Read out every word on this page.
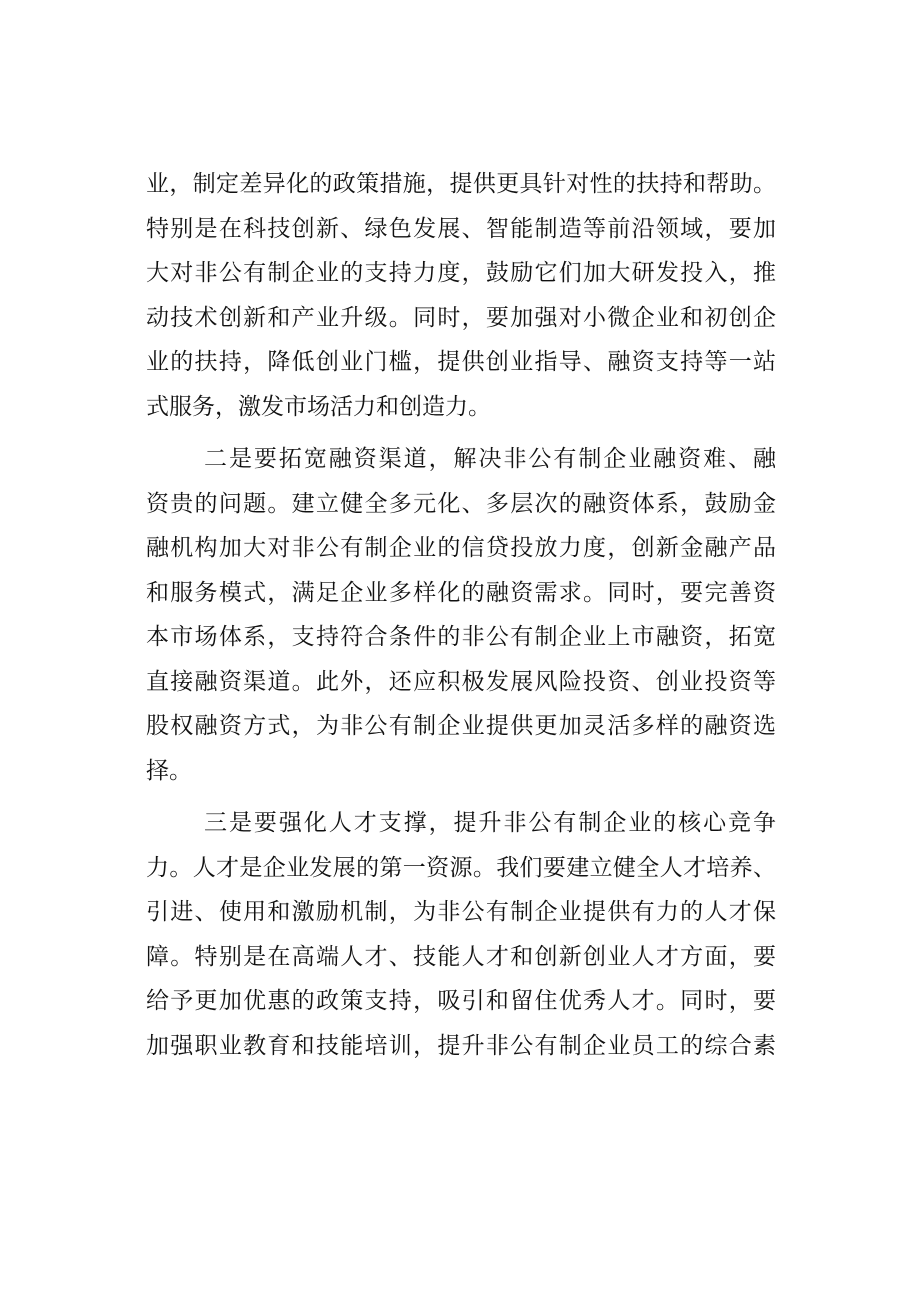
业，制定差异化的政策措施，提供更具针对性的扶持和帮助。
特别是在科技创新、绿色发展、智能制造等前沿领域，要加
大对非公有制企业的支持力度，鼓励它们加大研发投入，推
动技术创新和产业升级。同时，要加强对小微企业和初创企
业的扶持，降低创业门槛，提供创业指导、融资支持等一站
式服务，激发市场活力和创造力。
二是要拓宽融资渠道，解决非公有制企业融资难、融
资贵的问题。建立健全多元化、多层次的融资体系，鼓励金
融机构加大对非公有制企业的信贷投放力度，创新金融产品
和服务模式，满足企业多样化的融资需求。同时，要完善资
本市场体系，支持符合条件的非公有制企业上市融资，拓宽
直接融资渠道。此外，还应积极发展风险投资、创业投资等
股权融资方式，为非公有制企业提供更加灵活多样的融资选
择。
三是要强化人才支撑，提升非公有制企业的核心竞争
力。人才是企业发展的第一资源。我们要建立健全人才培养、
引进、使用和激励机制，为非公有制企业提供有力的人才保
障。特别是在高端人才、技能人才和创新创业人才方面，要
给予更加优惠的政策支持，吸引和留住优秀人才。同时，要
加强职业教育和技能培训，提升非公有制企业员工的综合素
